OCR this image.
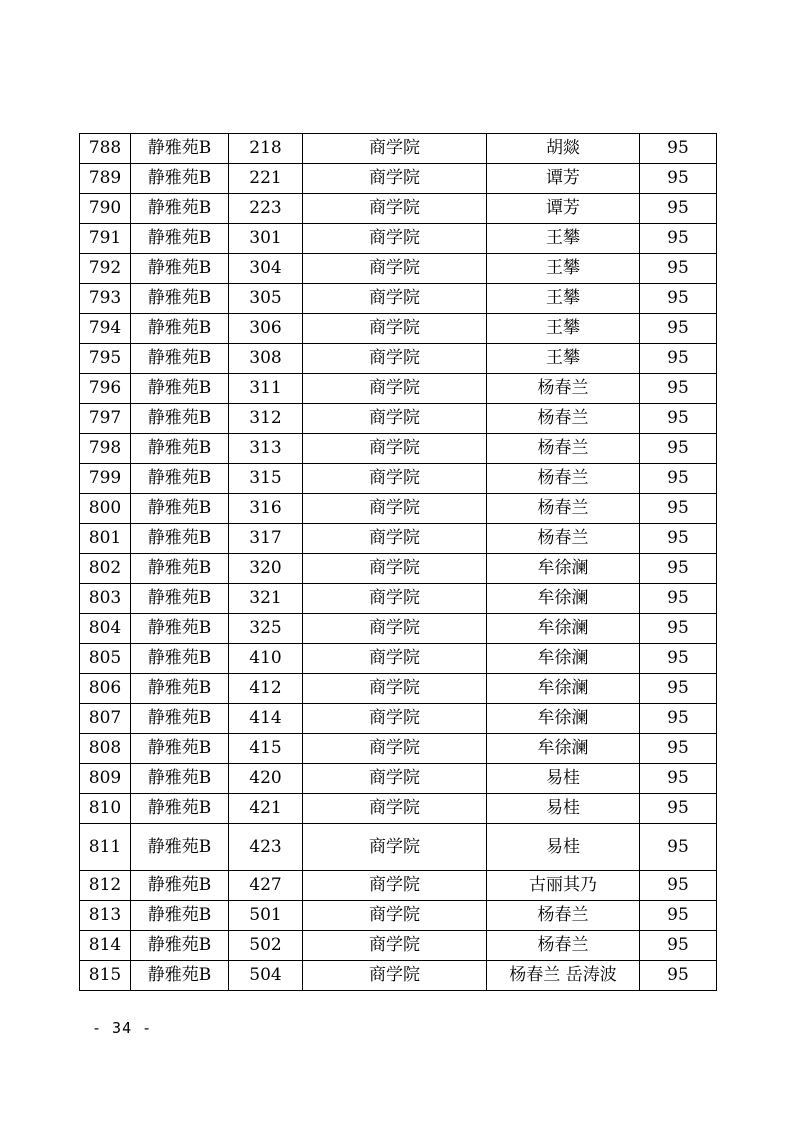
788	静雅苑B	218	商学院	胡燚	95
789	静雅苑B	221	商学院	谭芳	95
790	静雅苑B	223	商学院	谭芳	95
791	静雅苑B	301	商学院	王攀	95
792	静雅苑B	304	商学院	王攀	95
793	静雅苑B	305	商学院	王攀	95
794	静雅苑B	306	商学院	王攀	95
795	静雅苑B	308	商学院	王攀	95
796	静雅苑B	311	商学院	杨春兰	95
797	静雅苑B	312	商学院	杨春兰	95
798	静雅苑B	313	商学院	杨春兰	95
799	静雅苑B	315	商学院	杨春兰	95
800	静雅苑B	316	商学院	杨春兰	95
801	静雅苑B	317	商学院	杨春兰	95
802	静雅苑B	320	商学院	牟徐澜	95
803	静雅苑B	321	商学院	牟徐澜	95
804	静雅苑B	325	商学院	牟徐澜	95
805	静雅苑B	410	商学院	牟徐澜	95
806	静雅苑B	412	商学院	牟徐澜	95
807	静雅苑B	414	商学院	牟徐澜	95
808	静雅苑B	415	商学院	牟徐澜	95
809	静雅苑B	420	商学院	易桂	95
810	静雅苑B	421	商学院	易桂	95
811	静雅苑B	423	商学院	易桂	95
812	静雅苑B	427	商学院	古丽其乃	95
813	静雅苑B	501	商学院	杨春兰	95
814	静雅苑B	502	商学院	杨春兰	95
815	静雅苑B	504	商学院	杨春兰 岳涛波	95
- 34 -
